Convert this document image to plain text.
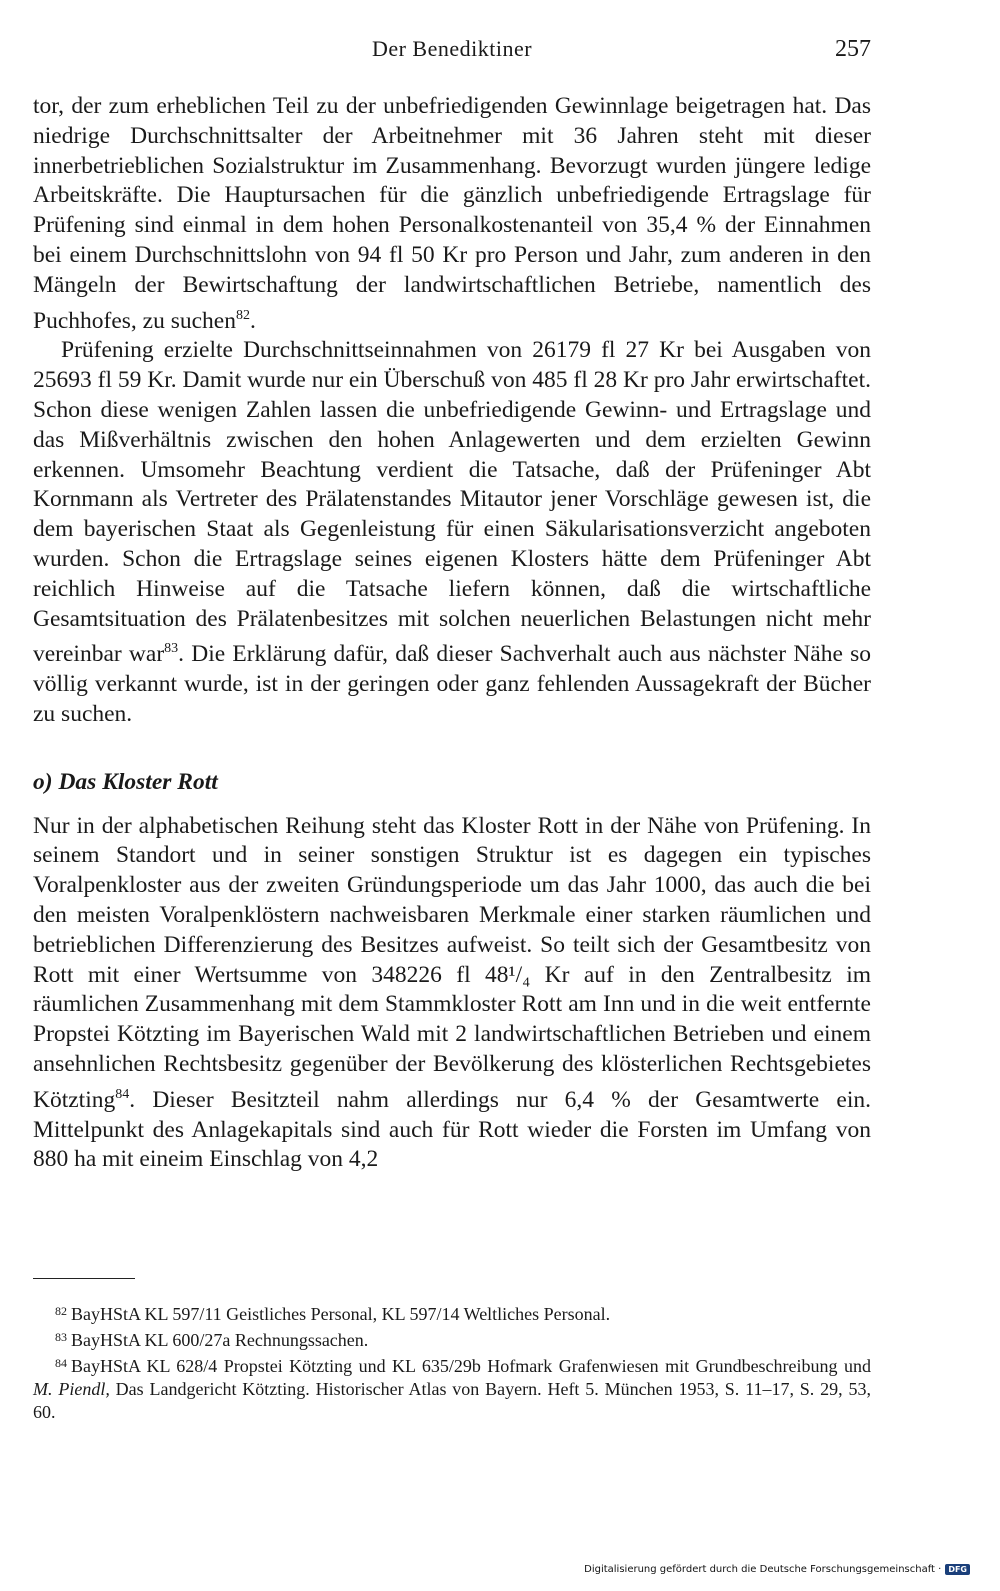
Der Benediktiner	257

tor, der zum erheblichen Teil zu der unbefriedigenden Gewinnlage beigetragen hat. Das niedrige Durchschnittsalter der Arbeitnehmer mit 36 Jahren steht mit dieser innerbetrieblichen Sozialstruktur im Zusammenhang. Bevorzugt wurden jüngere ledige Arbeitskräfte. Die Hauptursachen für die gänzlich unbefriedigende Ertragslage für Prüfening sind einmal in dem hohen Personalkostenanteil von 35,4 % der Einnahmen bei einem Durchschnittslohn von 94 fl 50 Kr pro Person und Jahr, zum anderen in den Mängeln der Bewirtschaftung der landwirtschaftlichen Betriebe, namentlich des Puchhofes, zu suchen$^{82}$.

Prüfening erzielte Durchschnittseinnahmen von 26179 fl 27 Kr bei Ausgaben von 25693 fl 59 Kr. Damit wurde nur ein Überschuß von 485 fl 28 Kr pro Jahr erwirtschaftet. Schon diese wenigen Zahlen lassen die unbefriedigende Gewinn- und Ertragslage und das Mißverhältnis zwischen den hohen Anlagewerten und dem erzielten Gewinn erkennen. Umsomehr Beachtung verdient die Tatsache, daß der Prüfeninger Abt Kornmann als Vertreter des Prälatenstandes Mitautor jener Vorschläge gewesen ist, die dem bayerischen Staat als Gegenleistung für einen Säkularisationsverzicht angeboten wurden. Schon die Ertragslage seines eigenen Klosters hätte dem Prüfeninger Abt reichlich Hinweise auf die Tatsache liefern können, daß die wirtschaftliche Gesamtsituation des Prälatenbesitzes mit solchen neuerlichen Belastungen nicht mehr vereinbar war$^{83}$. Die Erklärung dafür, daß dieser Sachverhalt auch aus nächster Nähe so völlig verkannt wurde, ist in der geringen oder ganz fehlenden Aussagekraft der Bücher zu suchen.

o) Das Kloster Rott

Nur in der alphabetischen Reihung steht das Kloster Rott in der Nähe von Prüfening. In seinem Standort und in seiner sonstigen Struktur ist es dagegen ein typisches Voralpenkloster aus der zweiten Gründungsperiode um das Jahr 1000, das auch die bei den meisten Voralpenklöstern nachweisbaren Merkmale einer starken räumlichen und betrieblichen Differenzierung des Besitzes aufweist. So teilt sich der Gesamtbesitz von Rott mit einer Wertsumme von 348226 fl 48¹/₄ Kr auf in den Zentralbesitz im räumlichen Zusammenhang mit dem Stammkloster Rott am Inn und in die weit entfernte Propstei Kötzting im Bayerischen Wald mit 2 landwirtschaftlichen Betrieben und einem ansehnlichen Rechtsbesitz gegenüber der Bevölkerung des klösterlichen Rechtsgebietes Kötzting$^{84}$. Dieser Besitzteil nahm allerdings nur 6,4 % der Gesamtwerte ein. Mittelpunkt des Anlagekapitals sind auch für Rott wieder die Forsten im Umfang von 880 ha mit eineim Einschlag von 4,2

$^{82}$ BayHStA KL 597/11 Geistliches Personal, KL 597/14 Weltliches Personal.

$^{83}$ BayHStA KL 600/27a Rechnungssachen.

$^{84}$ BayHStA KL 628/4 Propstei Kötzting und KL 635/29b Hofmark Grafenwiesen mit Grundbeschreibung und M. Piendl, Das Landgericht Kötzting. Historischer Atlas von Bayern. Heft 5. München 1953, S. 11–17, S. 29, 53, 60.

Digitalisierung gefördert durch die Deutsche Forschungsgemeinschaft · DFG
